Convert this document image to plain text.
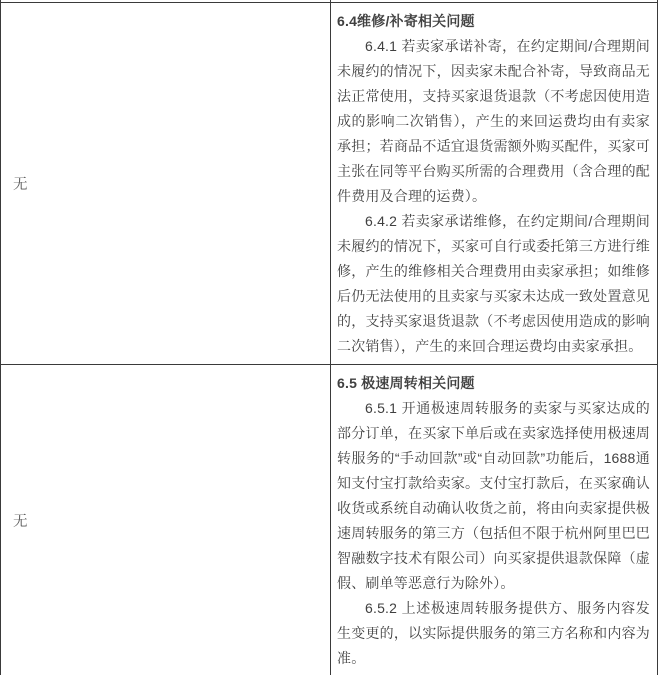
无	6.4维修/补寄相关问题

6.4.1 若卖家承诺补寄，在约定期间/合理期间未履约的情况下，因卖家未配合补寄，导致商品无法正常使用，支持买家退货退款（不考虑因使用造成的影响二次销售），产生的来回运费均由有卖家承担；若商品不适宜退货需额外购买配件，买家可主张在同等平台购买所需的合理费用（含合理的配件费用及合理的运费）。

6.4.2 若卖家承诺维修，在约定期间/合理期间未履约的情况下，买家可自行或委托第三方进行维修，产生的维修相关合理费用由卖家承担；如维修后仍无法使用的且卖家与买家未达成一致处置意见的，支持买家退货退款（不考虑因使用造成的影响二次销售），产生的来回合理运费均由卖家承担。

无	6.5 极速周转相关问题

6.5.1 开通极速周转服务的卖家与买家达成的部分订单，在买家下单后或在卖家选择使用极速周转服务的“手动回款”或“自动回款”功能后，1688通知支付宝打款给卖家。支付宝打款后，在买家确认收货或系统自动确认收货之前，将由向卖家提供极速周转服务的第三方（包括但不限于杭州阿里巴巴智融数字技术有限公司）向买家提供退款保障（虚假、刷单等恶意行为除外）。

6.5.2 上述极速周转服务提供方、服务内容发生变更的，以实际提供服务的第三方名称和内容为准。
